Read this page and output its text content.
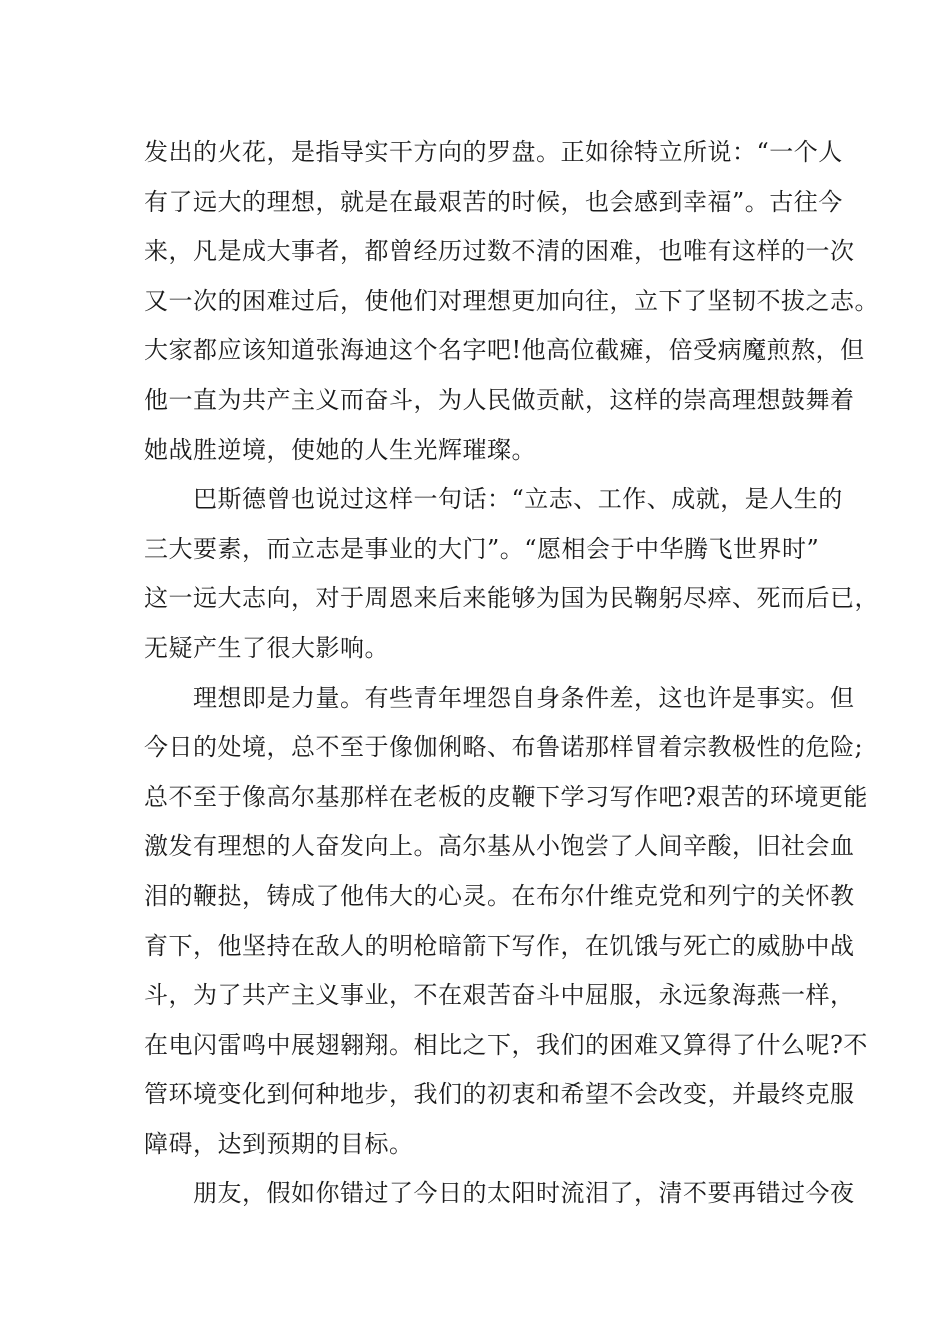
发出的火花，是指导实干方向的罗盘。正如徐特立所说：“一个人
有了远大的理想，就是在最艰苦的时候，也会感到幸福”。古往今
来，凡是成大事者，都曾经历过数不清的困难，也唯有这样的一次
又一次的困难过后，使他们对理想更加向往，立下了坚韧不拔之志。
大家都应该知道张海迪这个名字吧!他高位截瘫，倍受病魔煎熬，但
他一直为共产主义而奋斗，为人民做贡献，这样的崇高理想鼓舞着
她战胜逆境，使她的人生光辉璀璨。
　　巴斯德曾也说过这样一句话：“立志、工作、成就，是人生的
三大要素，而立志是事业的大门”。“愿相会于中华腾飞世界时”
这一远大志向，对于周恩来后来能够为国为民鞠躬尽瘁、死而后已，
无疑产生了很大影响。
　　理想即是力量。有些青年埋怨自身条件差，这也许是事实。但
今日的处境，总不至于像伽俐略、布鲁诺那样冒着宗教极性的危险;
总不至于像高尔基那样在老板的皮鞭下学习写作吧?艰苦的环境更能
激发有理想的人奋发向上。高尔基从小饱尝了人间辛酸，旧社会血
泪的鞭挞，铸成了他伟大的心灵。在布尔什维克党和列宁的关怀教
育下，他坚持在敌人的明枪暗箭下写作，在饥饿与死亡的威胁中战
斗，为了共产主义事业，不在艰苦奋斗中屈服，永远象海燕一样，
在电闪雷鸣中展翅翱翔。相比之下，我们的困难又算得了什么呢?不
管环境变化到何种地步，我们的初衷和希望不会改变，并最终克服
障碍，达到预期的目标。
　　朋友，假如你错过了今日的太阳时流泪了，清不要再错过今夜
